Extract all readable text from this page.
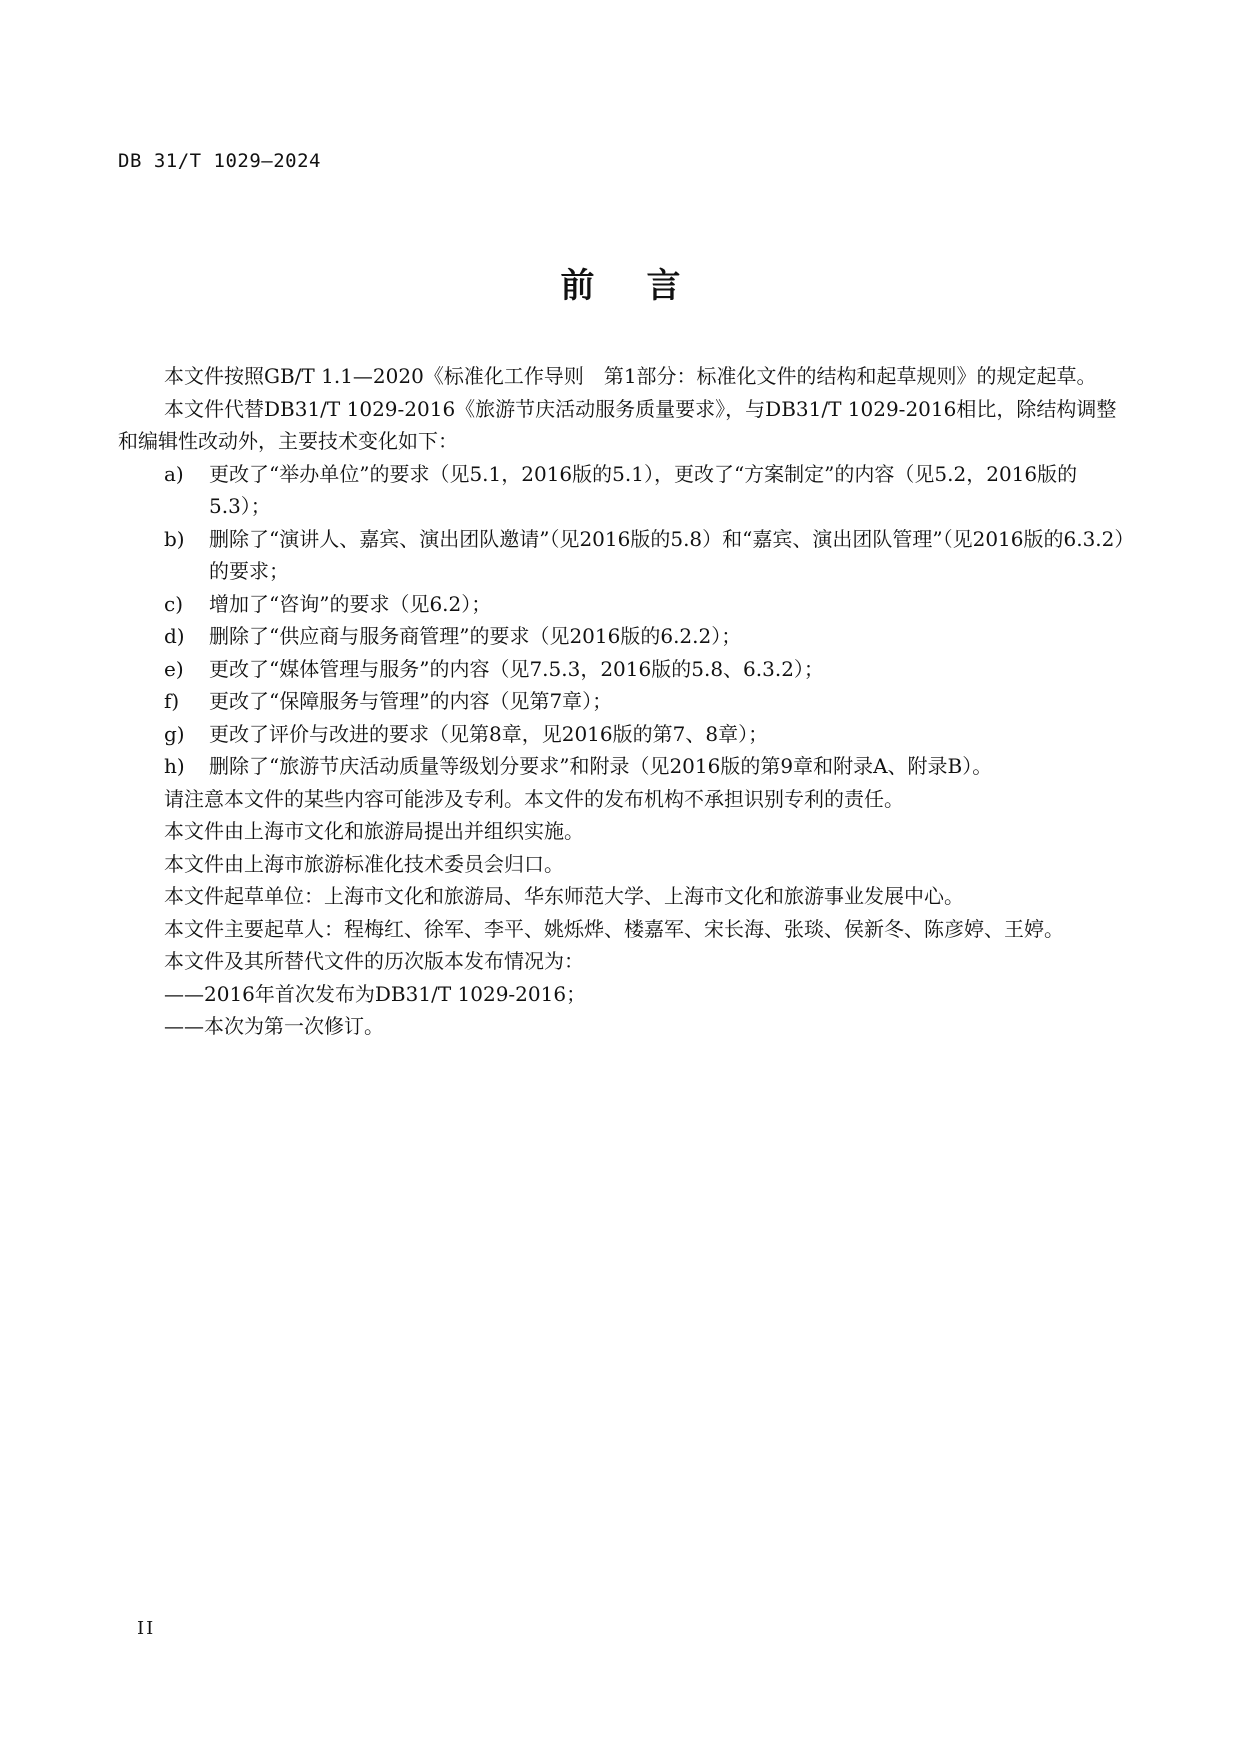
DB 31/T 1029—2024
前言

本文件按照GB/T 1.1—2020《标准化工作导则　第1部分：标准化文件的结构和起草规则》的规定起草。

本文件代替DB31/T 1029-2016《旅游节庆活动服务质量要求》，与DB31/T 1029-2016相比，除结构调整和编辑性改动外，主要技术变化如下：

a) 更改了“举办单位”的要求（见5.1，2016版的5.1），更改了“方案制定”的内容（见5.2，2016版的5.3）；

b) 删除了“演讲人、嘉宾、演出团队邀请”（见2016版的5.8）和“嘉宾、演出团队管理”（见2016版的6.3.2）的要求；

c) 增加了“咨询”的要求（见6.2）；

d) 删除了“供应商与服务商管理”的要求（见2016版的6.2.2）；

e) 更改了“媒体管理与服务”的内容（见7.5.3，2016版的5.8、6.3.2）；

f) 更改了“保障服务与管理”的内容（见第7章）；

g) 更改了评价与改进的要求（见第8章，见2016版的第7、8章）；

h) 删除了“旅游节庆活动质量等级划分要求”和附录（见2016版的第9章和附录A、附录B）。

请注意本文件的某些内容可能涉及专利。本文件的发布机构不承担识别专利的责任。

本文件由上海市文化和旅游局提出并组织实施。

本文件由上海市旅游标准化技术委员会归口。

本文件起草单位：上海市文化和旅游局、华东师范大学、上海市文化和旅游事业发展中心。

本文件主要起草人：程梅红、徐军、李平、姚烁烨、楼嘉军、宋长海、张琰、侯新冬、陈彦婷、王婷。

本文件及其所替代文件的历次版本发布情况为：

——2016年首次发布为DB31/T 1029-2016；

——本次为第一次修订。

II
